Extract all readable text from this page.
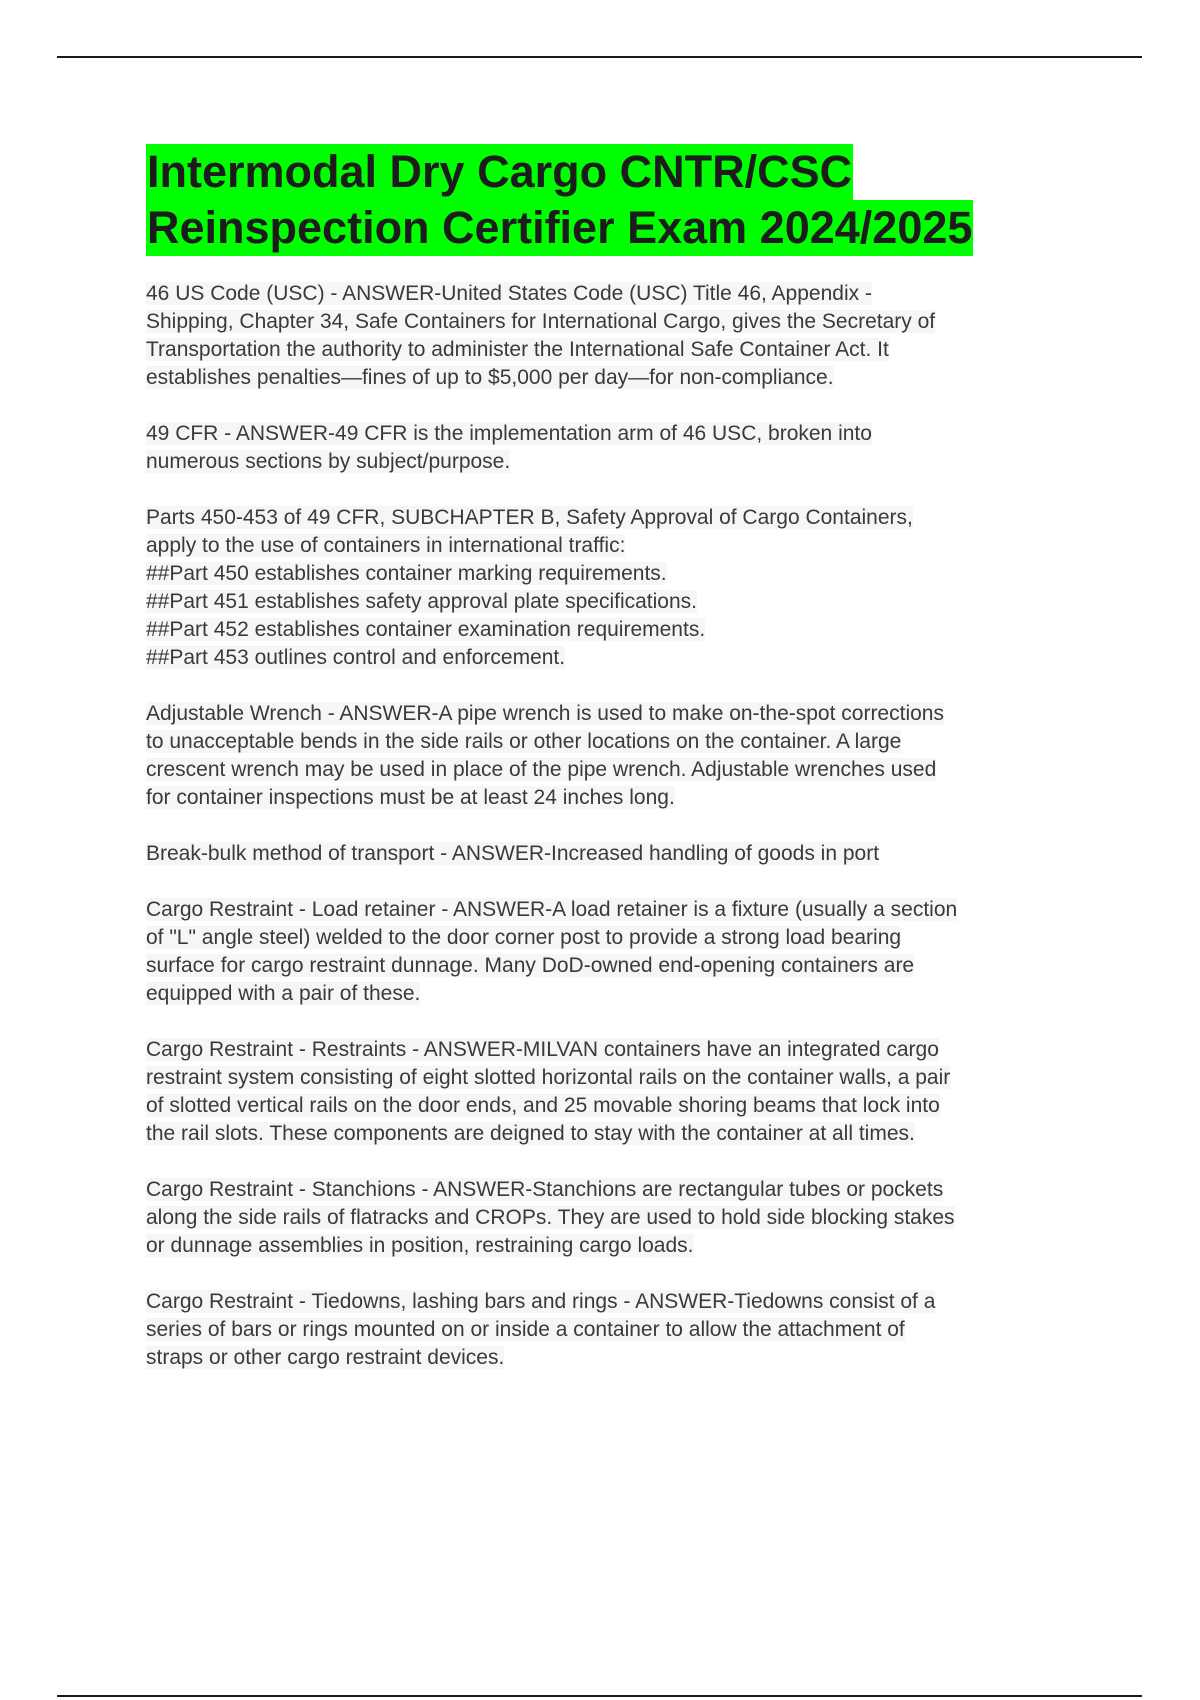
Intermodal Dry Cargo CNTR/CSC
Reinspection Certifier Exam 2024/2025
46 US Code (USC) - ANSWER-United States Code (USC) Title 46, Appendix -
Shipping, Chapter 34, Safe Containers for International Cargo, gives the Secretary of
Transportation the authority to administer the International Safe Container Act. It
establishes penalties—fines of up to $5,000 per day—for non-compliance.
49 CFR - ANSWER-49 CFR is the implementation arm of 46 USC, broken into
numerous sections by subject/purpose.
Parts 450-453 of 49 CFR, SUBCHAPTER B, Safety Approval of Cargo Containers,
apply to the use of containers in international traffic:
##Part 450 establishes container marking requirements.
##Part 451 establishes safety approval plate specifications.
##Part 452 establishes container examination requirements.
##Part 453 outlines control and enforcement.
Adjustable Wrench - ANSWER-A pipe wrench is used to make on-the-spot corrections
to unacceptable bends in the side rails or other locations on the container. A large
crescent wrench may be used in place of the pipe wrench. Adjustable wrenches used
for container inspections must be at least 24 inches long.
Break-bulk method of transport - ANSWER-Increased handling of goods in port
Cargo Restraint - Load retainer - ANSWER-A load retainer is a fixture (usually a section
of "L" angle steel) welded to the door corner post to provide a strong load bearing
surface for cargo restraint dunnage. Many DoD-owned end-opening containers are
equipped with a pair of these.
Cargo Restraint - Restraints - ANSWER-MILVAN containers have an integrated cargo
restraint system consisting of eight slotted horizontal rails on the container walls, a pair
of slotted vertical rails on the door ends, and 25 movable shoring beams that lock into
the rail slots. These components are deigned to stay with the container at all times.
Cargo Restraint - Stanchions - ANSWER-Stanchions are rectangular tubes or pockets
along the side rails of flatracks and CROPs. They are used to hold side blocking stakes
or dunnage assemblies in position, restraining cargo loads.
Cargo Restraint - Tiedowns, lashing bars and rings - ANSWER-Tiedowns consist of a
series of bars or rings mounted on or inside a container to allow the attachment of
straps or other cargo restraint devices.
